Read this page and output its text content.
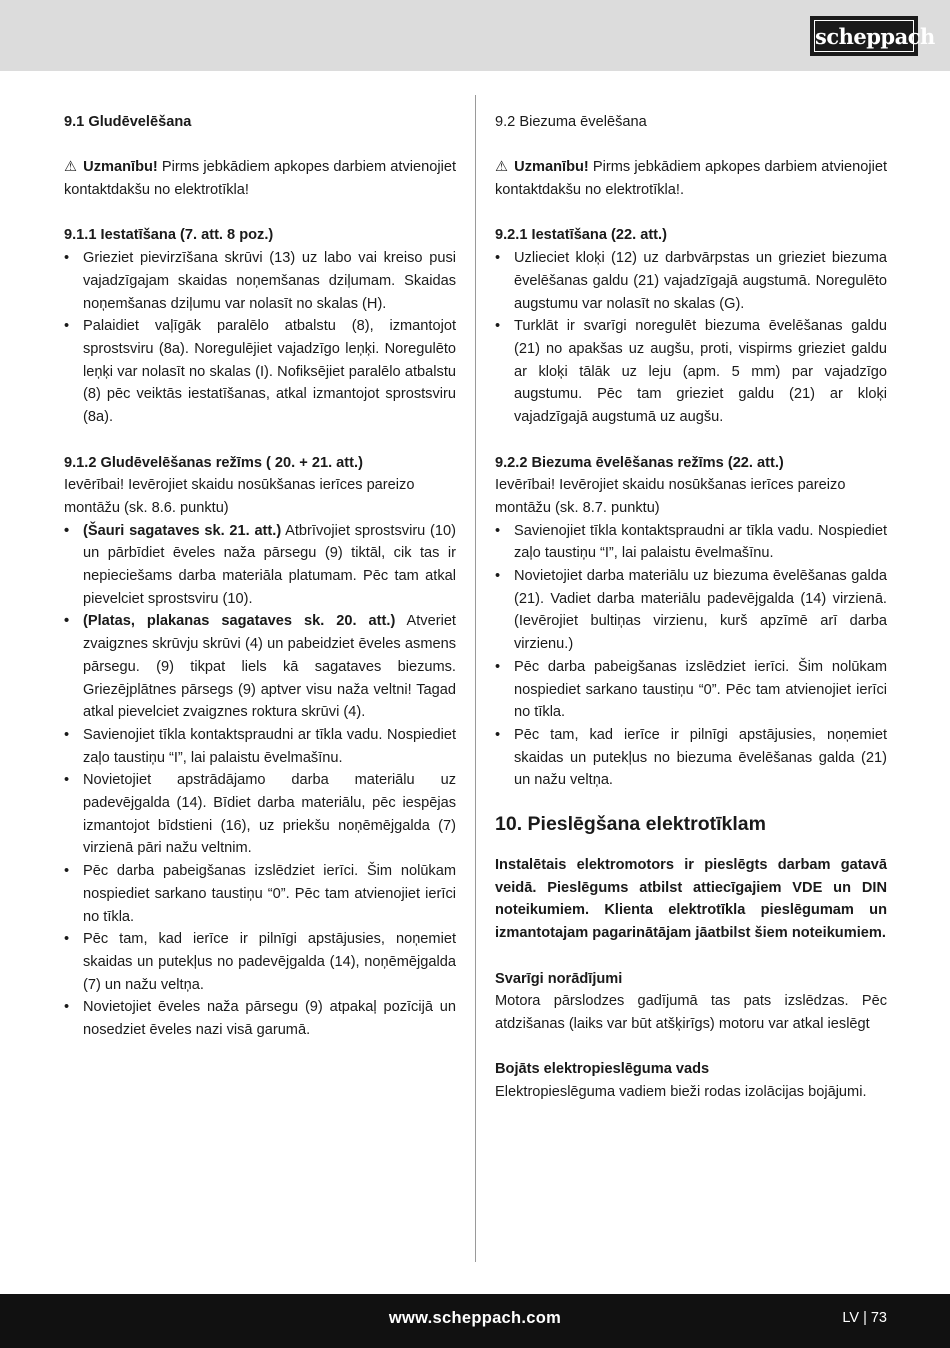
scheppach

9.1 Gludēvelēšana

⚠ Uzmanību! Pirms jebkādiem apkopes darbiem atvienojiet kontaktdakšu no elektrotīkla!

9.1.1 Iestatīšana (7. att. 8 poz.)

•
Grieziet pievirzīšana skrūvi (13) uz labo vai kreiso pusi vajadzīgajam skaidas noņemšanas dziļumam. Skaidas noņemšanas dziļumu var nolasīt no skalas (H).
•
Palaidiet vaļīgāk paralēlo atbalstu (8), izmantojot sprostsviru (8a). Noregulējiet vajadzīgo leņķi. Noregulēto leņķi var nolasīt no skalas (I). Nofiksējiet paralēlo atbalstu (8) pēc veiktās iestatīšanas, atkal izmantojot sprostsviru (8a).

9.1.2 Gludēvelēšanas režīms ( 20. + 21. att.)

Ievērībai! Ievērojiet skaidu nosūkšanas ierīces pareizo montāžu (sk. 8.6. punktu)

•
(Šauri sagataves sk. 21. att.) Atbrīvojiet sprostsviru (10) un pārbīdiet ēveles naža pārsegu (9) tiktāl, cik tas ir nepieciešams darba materiāla platumam. Pēc tam atkal pievelciet sprostsviru (10).
•
(Platas, plakanas sagataves sk. 20. att.) Atveriet zvaigznes skrūvju skrūvi (4) un pabeidziet ēveles asmens pārsegu. (9) tikpat liels kā sagataves biezums. Griezējplātnes pārsegs (9) aptver visu naža veltni! Tagad atkal pievelciet zvaigznes roktura skrūvi (4).
•
Savienojiet tīkla kontaktspraudni ar tīkla vadu. Nospiediet zaļo taustiņu “I”, lai palaistu ēvelmašīnu.
•
Novietojiet apstrādājamo darba materiālu uz padevējgalda (14). Bīdiet darba materiālu, pēc iespējas izmantojot bīdstieni (16), uz priekšu noņēmējgalda (7) virzienā pāri nažu veltnim.
•
Pēc darba pabeigšanas izslēdziet ierīci. Šim nolūkam nospiediet sarkano taustiņu “0”. Pēc tam atvienojiet ierīci no tīkla.
•
Pēc tam, kad ierīce ir pilnīgi apstājusies, noņemiet skaidas un putekļus no padevējgalda (14), noņēmējgalda (7) un nažu veltņa.
•
Novietojiet ēveles naža pārsegu (9) atpakaļ pozīcijā un nosedziet ēveles nazi visā garumā.

9.2 Biezuma ēvelēšana

⚠ Uzmanību! Pirms jebkādiem apkopes darbiem atvienojiet kontaktdakšu no elektrotīkla!.

9.2.1 Iestatīšana (22. att.)

•
Uzlieciet kloķi (12) uz darbvārpstas un grieziet biezuma ēvelēšanas galdu (21) vajadzīgajā augstumā. Noregulēto augstumu var nolasīt no skalas (G).
•
Turklāt ir svarīgi noregulēt biezuma ēvelēšanas galdu (21) no apakšas uz augšu, proti, vispirms grieziet galdu ar kloķi tālāk uz leju (apm. 5 mm) par vajadzīgo augstumu. Pēc tam grieziet galdu (21) ar kloķi vajadzīgajā augstumā uz augšu.

9.2.2 Biezuma ēvelēšanas režīms (22. att.)

Ievērībai! Ievērojiet skaidu nosūkšanas ierīces pareizo montāžu (sk. 8.7. punktu)

•
Savienojiet tīkla kontaktspraudni ar tīkla vadu. Nospiediet zaļo taustiņu “I”, lai palaistu ēvelmašīnu.
•
Novietojiet darba materiālu uz biezuma ēvelēšanas galda (21). Vadiet darba materiālu padevējgalda (14) virzienā. (Ievērojiet bultiņas virzienu, kurš apzīmē arī darba virzienu.)
•
Pēc darba pabeigšanas izslēdziet ierīci. Šim nolūkam nospiediet sarkano taustiņu “0”. Pēc tam atvienojiet ierīci no tīkla.
•
Pēc tam, kad ierīce ir pilnīgi apstājusies, noņemiet skaidas un putekļus no biezuma ēvelēšanas galda (21) un nažu veltņa.

10. Pieslēgšana elektrotīklam

Instalētais elektromotors ir pieslēgts darbam gatavā veidā. Pieslēgums atbilst attiecīgajiem VDE un DIN noteikumiem. Klienta elektrotīkla pieslēgumam un izmantotajam pagarinātājam jāatbilst šiem noteikumiem.

Svarīgi norādījumi

Motora pārslodzes gadījumā tas pats izslēdzas. Pēc atdzišanas (laiks var būt atšķirīgs) motoru var atkal ieslēgt

Bojāts elektropieslēguma vads

Elektropieslēguma vadiem bieži rodas izolācijas bojājumi.

www.scheppach.com	LV | 73
